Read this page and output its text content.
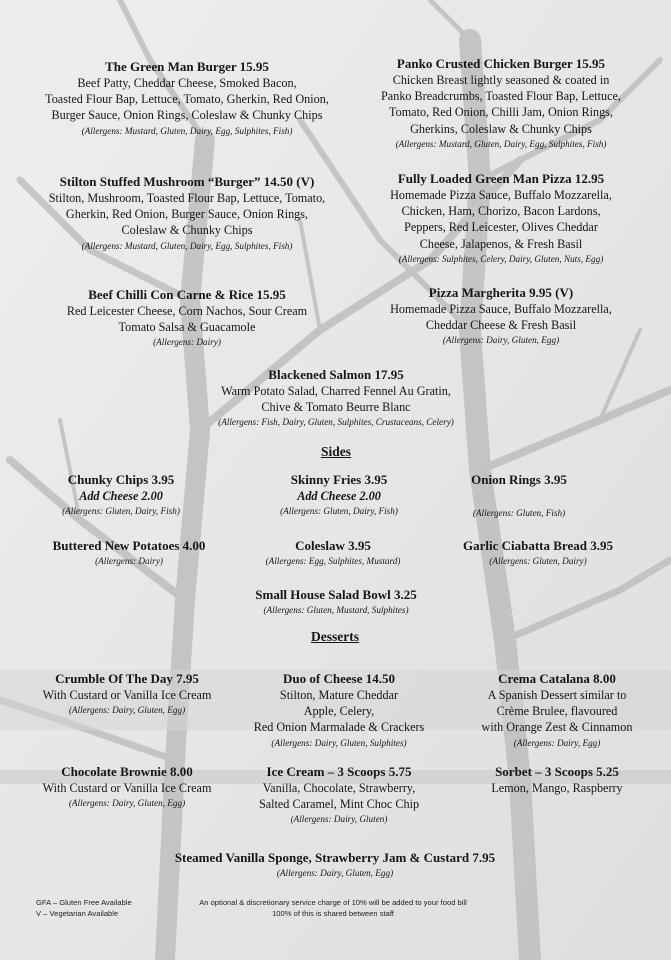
The Green Man Burger 15.95
Beef Patty, Cheddar Cheese, Smoked Bacon,
Toasted Flour Bap, Lettuce, Tomato, Gherkin, Red Onion,
Burger Sauce, Onion Rings, Coleslaw & Chunky Chips
(Allergens: Mustard, Gluten, Dairy, Egg, Sulphites, Fish)
Panko Crusted Chicken Burger 15.95
Chicken Breast lightly seasoned & coated in
Panko Breadcrumbs, Toasted Flour Bap, Lettuce,
Tomato, Red Onion, Chilli Jam, Onion Rings,
Gherkins, Coleslaw & Chunky Chips
(Allergens: Mustard, Gluten, Dairy, Egg, Sulphites, Fish)
Stilton Stuffed Mushroom “Burger” 14.50 (V)
Stilton, Mushroom, Toasted Flour Bap, Lettuce, Tomato,
Gherkin, Red Onion, Burger Sauce, Onion Rings,
Coleslaw & Chunky Chips
(Allergens: Mustard, Gluten, Dairy, Egg, Sulphites, Fish)
Fully Loaded Green Man Pizza 12.95
Homemade Pizza Sauce, Buffalo Mozzarella,
Chicken, Ham, Chorizo, Bacon Lardons,
Peppers, Red Leicester, Olives Cheddar
Cheese, Jalapenos, & Fresh Basil
(Allergens: Sulphites, Celery, Dairy, Gluten, Nuts, Egg)
Beef Chilli Con Carne & Rice 15.95
Red Leicester Cheese, Corn Nachos, Sour Cream
Tomato Salsa & Guacamole
(Allergens: Dairy)
Pizza Margherita 9.95 (V)
Homemade Pizza Sauce, Buffalo Mozzarella,
Cheddar Cheese & Fresh Basil
(Allergens: Dairy, Gluten, Egg)
Blackened Salmon 17.95
Warm Potato Salad, Charred Fennel Au Gratin,
Chive & Tomato Beurre Blanc
(Allergens: Fish, Dairy, Gluten, Sulphites, Crustaceans, Celery)
Sides
Chunky Chips 3.95
Add Cheese 2.00
(Allergens: Gluten, Dairy, Fish)
Skinny Fries 3.95
Add Cheese 2.00
(Allergens: Gluten, Dairy, Fish)
Onion Rings 3.95
(Allergens: Gluten, Fish)
Buttered New Potatoes 4.00
(Allergens: Dairy)
Coleslaw 3.95
(Allergens: Egg, Sulphites, Mustard)
Garlic Ciabatta Bread 3.95
(Allergens: Gluten, Dairy)
Small House Salad Bowl 3.25
(Allergens: Gluten, Mustard, Sulphites)
Desserts
Crumble Of The Day 7.95
With Custard or Vanilla Ice Cream
(Allergens: Dairy, Gluten, Egg)
Duo of Cheese 14.50
Stilton, Mature Cheddar
Apple, Celery,
Red Onion Marmalade & Crackers
(Allergens: Dairy, Gluten, Sulphites)
Crema Catalana 8.00
A Spanish Dessert similar to
Crème Brulee, flavoured
with Orange Zest & Cinnamon
(Allergens: Dairy, Egg)
Chocolate Brownie 8.00
With Custard or Vanilla Ice Cream
(Allergens: Dairy, Gluten, Egg)
Ice Cream – 3 Scoops 5.75
Vanilla, Chocolate, Strawberry,
Salted Caramel, Mint Choc Chip
(Allergens: Dairy, Gluten)
Sorbet – 3 Scoops 5.25
Lemon, Mango, Raspberry
Steamed Vanilla Sponge, Strawberry Jam & Custard 7.95
(Allergens: Dairy, Gluten, Egg)
GFA – Gluten Free Available
V – Vegetarian Available
An optional & discretionary service charge of 10% will be added to your food bill
100% of this is shared between staff
